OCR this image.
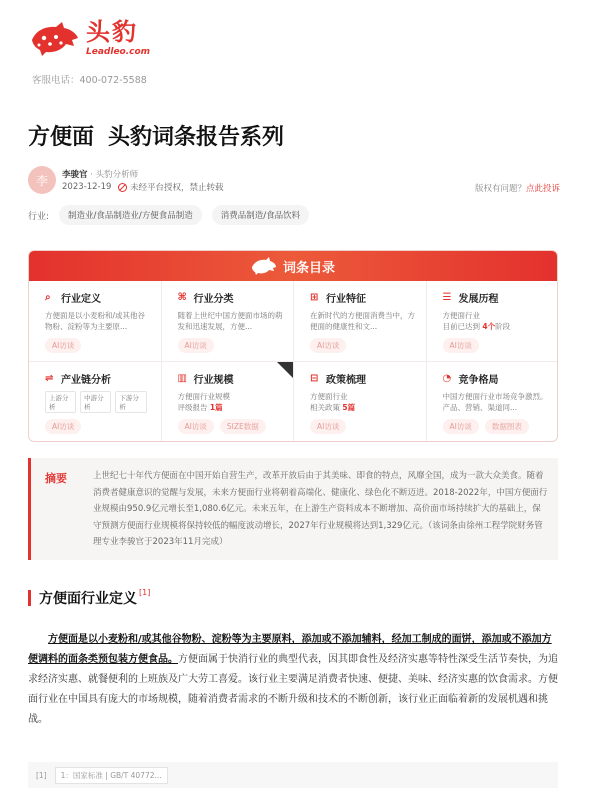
头豹
Leadleo.com
客服电话：400-072-5588
方便面 头豹词条报告系列
李	李骏官 · 头豹分析师
2023-12-19 未经平台授权，禁止转载	版权有问题？点此投诉
行业:	制造业/食品制造业/方便食品制造	消费品制造/食品饮料
词条目录
⌕	行业定义
方便面是以小麦粉和/或其他谷物粉、淀粉等为主要原...
AI访谈
⌘ 行业分类
随着上世纪中国方便面市场的萌发和迅速发展，方便...
AI访谈
⊞ 行业特征
在新时代的方便面消费当中，方便面的健康性和文...
AI访谈
☰ 发展历程
方便面行业
目前已达到 4个阶段
AI访谈
⇌ 产业链分析
上游分析
中游分析
下游分析
AI访谈
▥ 行业规模
方便面行业规模
评级报告 1篇
AI访谈	SIZE数据
⊟ 政策梳理
方便面行业
相关政策 5篇
AI访谈
◔ 竞争格局
中国方便面行业市场竞争激烈。产品、营销、渠道同...
AI访谈	数据图表
摘要	上世纪七十年代方便面在中国开始自营生产，改革开放后由于其美味、即食的特点，风靡全国，成为一款大众美食。随着消费者健康意识的觉醒与发展，未来方便面行业将朝着高端化、健康化、绿色化不断迈进。2018-2022年，中国方便面行业规模由950.9亿元增长至1,080.6亿元。未来五年，在上游生产资料成本不断增加、高价面市场持续扩大的基础上，保守预测方便面行业规模将保持较低的幅度波动增长，2027年行业规模将达到1,329亿元。（该词条由徐州工程学院财务管理专业李骏官于2023年11月完成）
方便面行业定义 [1]
方便面是以小麦粉和/或其他谷物粉、淀粉等为主要原料，添加或不添加辅料，经加工制成的面饼，添加或不添加方便调料的面条类预包装方便食品。方便面属于快消行业的典型代表，因其即食性及经济实惠等特性深受生活节奏快，为追求经济实惠、就餐便利的上班族及广大劳工喜爱。该行业主要满足消费者快速、便捷、美味、经济实惠的饮食需求。方便面行业在中国具有庞大的市场规模，随着消费者需求的不断升级和技术的不断创新，该行业正面临着新的发展机遇和挑战。
[1]	1：国家标准 | GB/T 40772...
